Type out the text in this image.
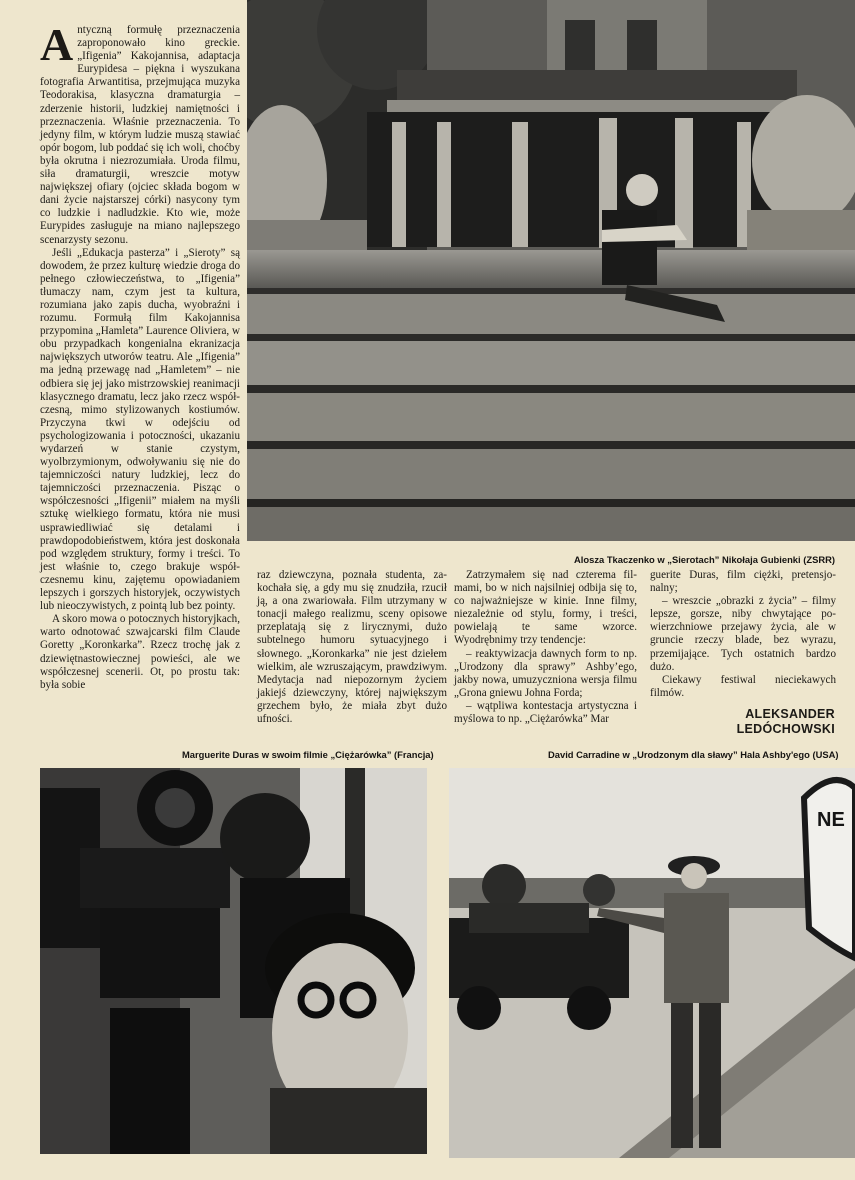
Antyczną formułę przeznaczenia zaproponowało kino greckie. „Ifigenia” Kakojannisa, adaptacja Eurypidesa – piękna i wyszukana fotografia Arwantitisa, przejmująca muzyka Teodorakisa, klasyczna dramaturgia – zderzenie historii, ludzkiej namiętności i przeznaczenia. Właśnie przeznaczenia. To jedyny film, w którym ludzie muszą stawiać opór bogom, lub poddać się ich woli, choćby była okrutna i niezrozumiała. Uroda filmu, siła dramaturgii, wreszcie motyw największej ofiary (ojciec składa bogom w dani życie najstarszej córki) nasycony tym co ludzkie i nadludzkie. Kto wie, może Eurypides zasługuje na miano najlepszego scenarzysty sezonu.

Jeśli „Edukacja pasterza” i „Sieroty” są dowodem, że przez kulturę wiedzie droga do pełnego człowieczeństwa, to „Ifigenia” tłumaczy nam, czym jest ta kultura, rozumiana jako zapis ducha, wyobraźni i rozumu. Formułą film Kakojannisa przypomina „Hamleta” Laurence Oliviera, w obu przypadkach kongenialna ekranizacja największych utworów teatru. Ale „Ifigenia” ma jedną przewagę nad „Hamletem” – nie odbiera się jej jako mistrzowskiej reanimacji klasycznego dramatu, lecz jako rzecz współczesną, mimo stylizowanych kostiumów. Przyczyna tkwi w odejściu od psychologizowania i potoczności, ukazaniu wydarzeń w stanie czystym, wyolbrzymionym, odwoływaniu się nie do tajemniczości natury ludzkiej, lecz do tajemniczości przeznaczenia. Pisząc o współczesności „Ifigenii” miałem na myśli sztukę wielkiego formatu, która nie musi usprawiedliwiać się detalami i prawdopodobieństwem, która jest doskonała pod względem struktury, formy i treści. To jest właśnie to, czego brakuje współczesnemu kinu, zajętemu opowiadaniem lepszych i gorszych historyjek, oczywistych lub nieoczywistych, z pointą lub bez pointy.

A skoro mowa o potocznych historyjkach, warto odnotować szwajcarski film Claude Goretty „Koronkarka”. Rzecz trochę jak z dziewiętnastowiecznej powieści, ale we współczesnej scenerii. Ot, po prostu tak: była sobie

Alosza Tkaczenko w „Sierotach” Nikołaja Gubienki (ZSRR)

raz dziewczyna, poznała studenta, zakochała się, a gdy mu się znudziła, rzucił ją, a ona zwariowała. Film utrzymany w tonacji małego realizmu, sceny opisowe przeplatają się z lirycznymi, dużo subtelnego humoru sytuacyjnego i słownego. „Koronkarka” nie jest dziełem wielkim, ale wzruszającym, prawdziwym. Medytacja nad niepozornym życiem jakiejś dziewczyny, której największym grzechem było, że miała zbyt dużo ufności.

Zatrzymałem się nad czterema filmami, bo w nich najsilniej odbija się to, co najważniejsze w kinie. Inne filmy, niezależnie od stylu, formy, i treści, powielają te same wzorce. Wyodrębnimy trzy tendencje:

– reaktywizacja dawnych form to np. „Urodzony dla sprawy” Ashby’ego, jakby nowa, umuzyczniona wersja filmu „Grona gniewu Johna Forda;

– wątpliwa kontestacja artystyczna i myślowa to np. „Ciężarówka” Mar

guerite Duras, film ciężki, pretensjonalny;

– wreszcie „obrazki z życia” – filmy lepsze, gorsze, niby chwytające powierzchniowe przejawy życia, ale w gruncie rzeczy blade, bez wyrazu, przemijające. Tych ostatnich bardzo dużo.

Ciekawy festiwal nieciekawych filmów.

ALEKSANDER
LEDÓCHOWSKI
Marguerite Duras w swoim filmie „Ciężarówka” (Francja)	David Carradine w „Urodzonym dla sławy” Hala Ashby'ego (USA)
NE
